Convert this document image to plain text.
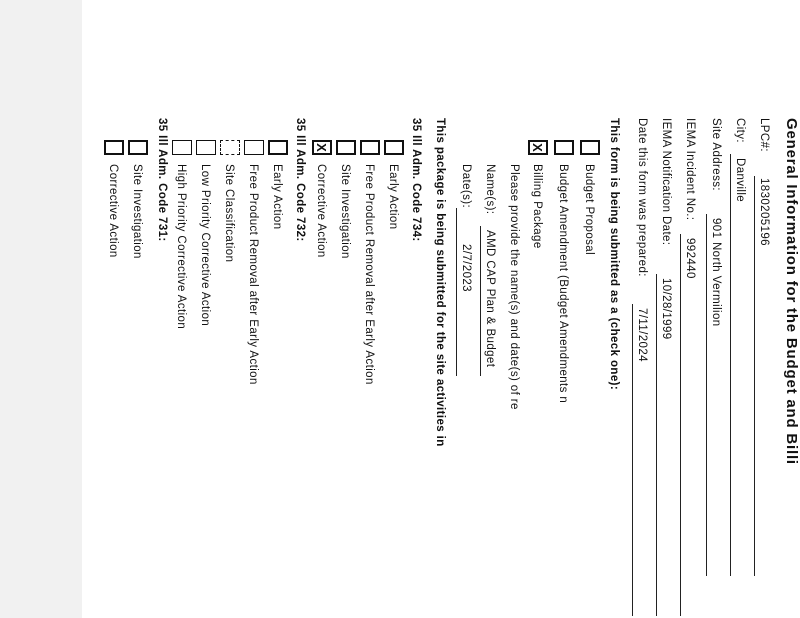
General Information for the Budget and Billi
LPC#:
1830205196
City:
Danville
Site Address:
901 North Vermilion
IEMA Incident No.:
992440
IEMA Notification Date:
10/28/1999
Date this form was prepared:
7/11/2024
This form is being submitted as a (check one):
Budget Proposal
Budget Amendment (Budget Amendments n
X
Billing Package
Please provide the name(s) and date(s) of re
Name(s):
AMD CAP Plan & Budget
Date(s):
2/7/2023
This package is being submitted for the site activities in
35 Ill Adm. Code 734:
Early Action
Free Product Removal after Early Action
Site Investigation
X
Corrective Action
35 Ill Adm. Code 732:
Early Action
Free Product Removal after Early Action
Site Classification
Low Priority Corrective Action
High Priority Corrective Action
35 Ill Adm. Code 731:
Site Investigation
Corrective Action
